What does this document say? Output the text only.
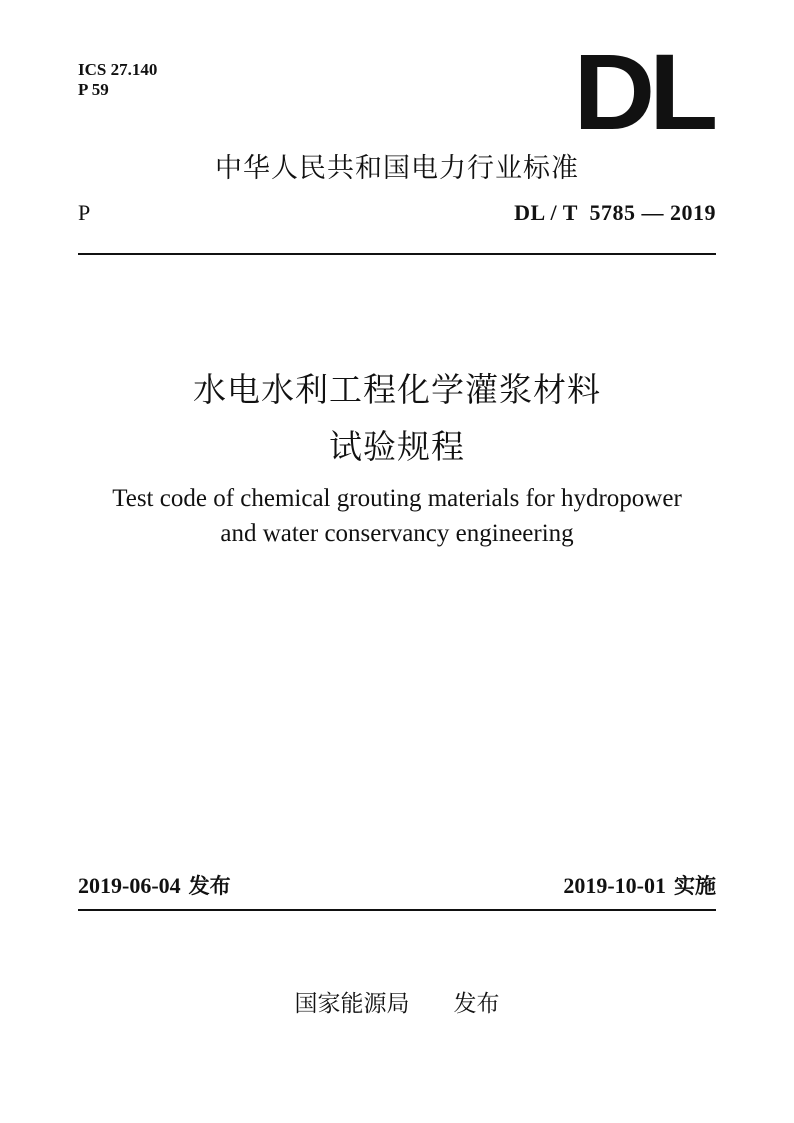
ICS 27.140
P 59	DL
中华人民共和国电力行业标准
P	DL / T  5785 — 2019
水电水利工程化学灌浆材料
试验规程
Test code of chemical grouting materials for hydropower
and water conservancy engineering
2019-06-04 发布	2019-10-01 实施
国家能源局 发布
